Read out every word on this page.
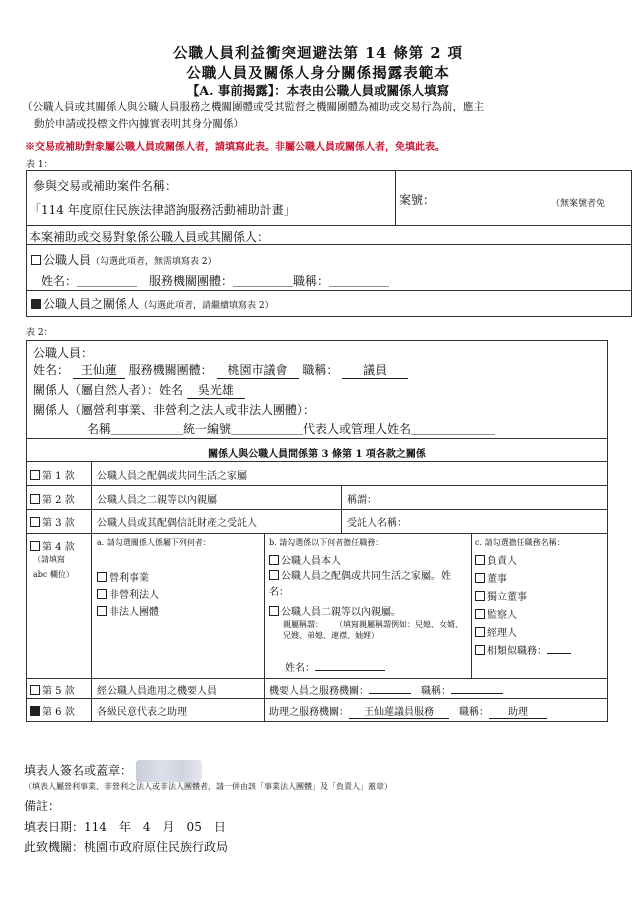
公職人員利益衝突迴避法第 14 條第 2 項
公職人員及關係人身分關係揭露表範本
【A. 事前揭露】：本表由公職人員或關係人填寫
（公職人員或其關係人與公職人員服務之機關團體或受其監督之機關團體為補助或交易行為前，應主
動於申請或投標文件內據實表明其身分關係）
※交易或補助對象屬公職人員或關係人者，請填寫此表。非屬公職人員或關係人者，免填此表。
表 1：
參與交易或補助案件名稱：
「114 年度原住民族法律諮詢服務活動補助計畫」
案號：	（無案號者免
本案補助或交易對象係公職人員或其關係人：
公職人員（勾選此項者，無需填寫表 2）
姓名：＿＿＿＿＿　服務機關團體：＿＿＿＿＿職稱：＿＿＿＿＿
公職人員之關係人（勾選此項者，請繼續填寫表 2）
表 2：
公職人員：
姓名： 王仙蓮 服務機關團體： 桃園市議會 職稱： 議員
關係人（屬自然人者）：姓名 吳光雄
關係人（屬營利事業、非營利之法人或非法人團體）：
名稱＿＿＿＿＿＿統一編號＿＿＿＿＿＿代表人或管理人姓名＿＿＿＿＿＿＿
關係人與公職人員間係第 3 條第 1 項各款之關係
第 1 款 公職人員之配偶或共同生活之家屬
第 2 款 公職人員之二親等以內親屬	稱謂：
第 3 款 公職人員或其配偶信託財產之受託人	受託人名稱：
第 4 款
（請填寫
abc 欄位）
a. 請勾選關係人係屬下列何者：
營利事業
非營利法人
非法人團體
b. 請勾選係以下何者擔任職務：
公職人員本人
公職人員之配偶或共同生活之家屬。姓名：
公職人員二親等以內親屬。
親屬稱謂：	（填寫親屬稱謂例如：兒媳、女婿、兄嫂、弟媳、連襟、妯娌）
姓名：
c. 請勾選擔任職務名稱：
負責人
董事
獨立董事
監察人
經理人
相類似職務：
第 5 款 經公職人員進用之機要人員	機要人員之服務機關：　	職稱：
第 6 款 各級民意代表之助理	助理之服務機關： 王仙蓮議員服務　	職稱： 助理
填表人簽名或蓋章：
（填表人屬營利事業、非營利之法人或非法人團體者，請一併由該「事業法人團體」及「負責人」蓋章）
備註：
填表日期：114　年　4　月　05　日
此致機關：桃園市政府原住民族行政局
